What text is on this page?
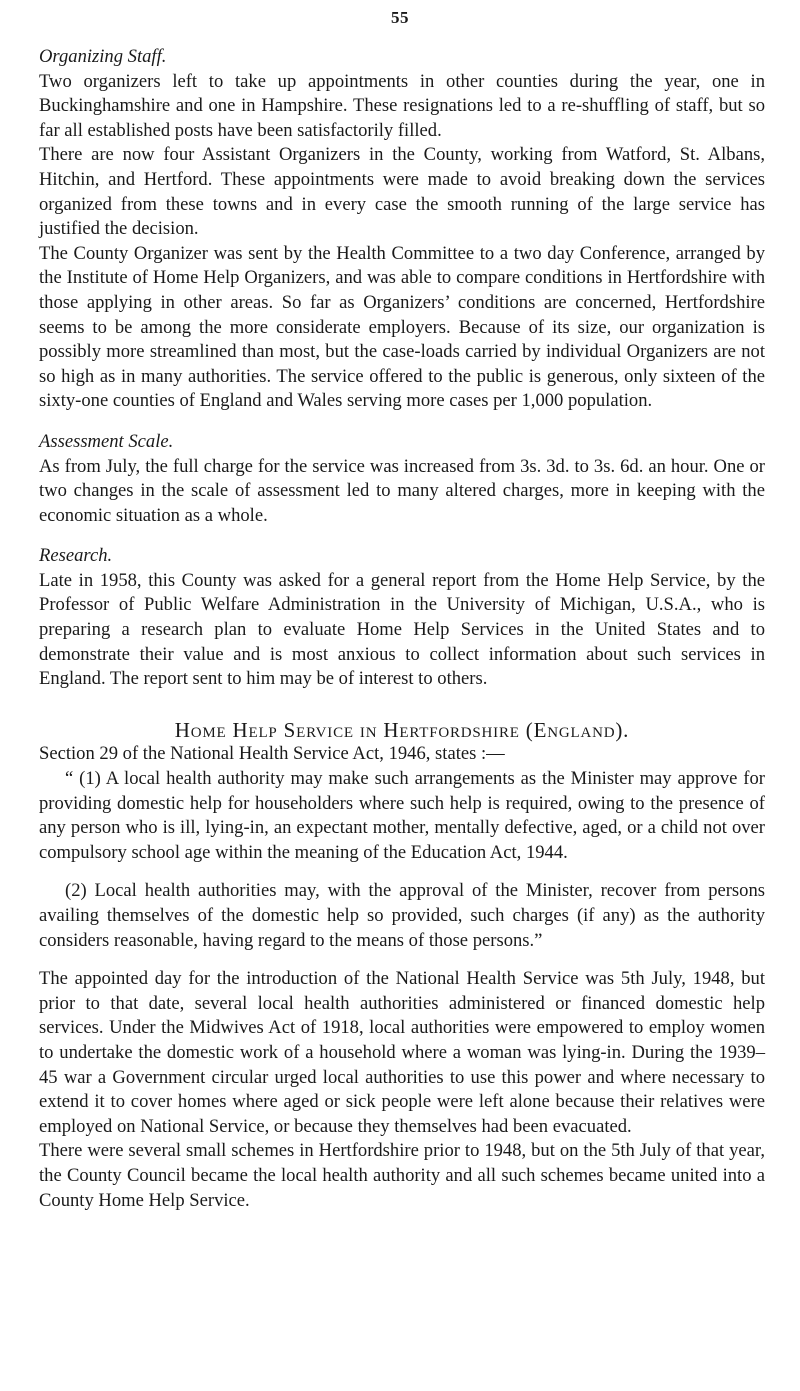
55

Organizing Staff.

Two organizers left to take up appointments in other counties during the year, one in Buckinghamshire and one in Hampshire. These resignations led to a re-shuffling of staff, but so far all established posts have been satisfactorily filled.

There are now four Assistant Organizers in the County, working from Watford, St. Albans, Hitchin, and Hertford. These appointments were made to avoid breaking down the services organized from these towns and in every case the smooth running of the large service has justified the decision.

The County Organizer was sent by the Health Committee to a two day Conference, arranged by the Institute of Home Help Organizers, and was able to compare conditions in Hertfordshire with those applying in other areas. So far as Organizers’ conditions are concerned, Hertfordshire seems to be among the more considerate employers. Because of its size, our organization is possibly more streamlined than most, but the case-loads carried by individual Organizers are not so high as in many authorities. The service offered to the public is generous, only sixteen of the sixty-one counties of England and Wales serving more cases per 1,000 population.

Assessment Scale.

As from July, the full charge for the service was increased from 3s. 3d. to 3s. 6d. an hour. One or two changes in the scale of assessment led to many altered charges, more in keeping with the economic situation as a whole.

Research.

Late in 1958, this County was asked for a general report from the Home Help Service, by the Professor of Public Welfare Administration in the University of Michigan, U.S.A., who is preparing a research plan to evaluate Home Help Services in the United States and to demonstrate their value and is most anxious to collect information about such services in England. The report sent to him may be of interest to others.

Home Help Service in Hertfordshire (England).

Section 29 of the National Health Service Act, 1946, states :—

“ (1) A local health authority may make such arrangements as the Minister may approve for providing domestic help for householders where such help is required, owing to the presence of any person who is ill, lying-in, an expectant mother, mentally defective, aged, or a child not over compulsory school age within the meaning of the Education Act, 1944.

(2) Local health authorities may, with the approval of the Minister, recover from persons availing themselves of the domestic help so provided, such charges (if any) as the authority considers reasonable, having regard to the means of those persons.”

The appointed day for the introduction of the National Health Service was 5th July, 1948, but prior to that date, several local health authorities administered or financed domestic help services. Under the Midwives Act of 1918, local authorities were empowered to employ women to undertake the domestic work of a household where a woman was lying-in. During the 1939–45 war a Government circular urged local authorities to use this power and where necessary to extend it to cover homes where aged or sick people were left alone because their relatives were employed on National Service, or because they themselves had been evacuated.

There were several small schemes in Hertfordshire prior to 1948, but on the 5th July of that year, the County Council became the local health authority and all such schemes became united into a County Home Help Service.
